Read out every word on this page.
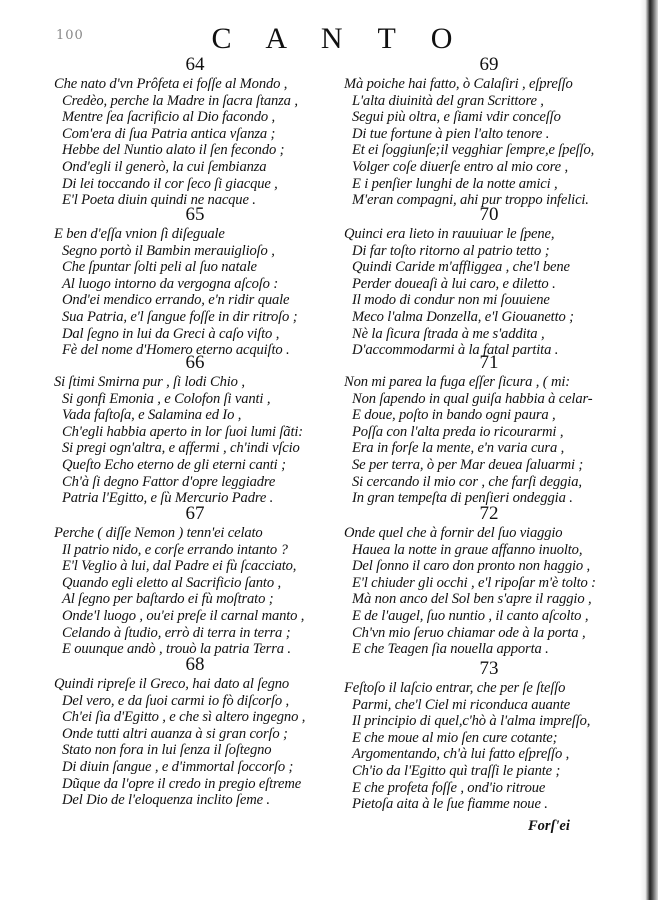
100	C A N T O
64
Che nato d'vn Prôfeta ei foſſe al Mondo ,
Credèo, perche la Madre in ſacra ſtanza ,
Mentre ſea ſacrificio al Dio facondo ,
Com'era di ſua Patria antica vſanza ;
Hebbe del Nuntio alato il ſen fecondo ;
Ond'egli il generò, la cui ſembianza
Di lei toccando il cor ſeco ſi giacque ,
E'l Poeta diuin quindi ne nacque .
65
E ben d'eſſa vnion ſì diſeguale
Segno portò il Bambin merauiglioſo ,
Che ſpuntar ſolti peli al ſuo natale
Al luogo intorno da vergogna aſcoſo :
Ond'ei mendico errando, e'n ridir quale
Sua Patria, e'l ſangue foſſe in dir ritroſo ;
Dal ſegno in lui da Greci à caſo viſto ,
Fè del nome d'Homero eterno acquiſto .
66
Si ſtimi Smirna pur , ſi lodi Chio ,
Si gonfi Emonia , e Colofon ſi vanti ,
Vada faſtoſa, e Salamina ed Io ,
Ch'egli habbia aperto in lor ſuoi lumi ſãti:
Si pregi ogn'altra, e affermi , ch'indi vſcio
Queſto Echo eterno de gli eterni canti ;
Ch'à ſi degno Fattor d'opre leggiadre
Patria l'Egitto, e ſù Mercurio Padre .
67
Perche ( diſſe Nemon ) tenn'ei celato
Il patrio nido, e corſe errando intanto ?
E'l Veglio à lui, dal Padre ei fù ſcacciato,
Quando egli eletto al Sacrificio ſanto ,
Al ſegno per baſtardo ei fù moſtrato ;
Onde'l luogo , ou'ei preſe il carnal manto ,
Celando à ſtudio, errò di terra in terra ;
E ouunque andò , trouò la patria Terra .
68
Quindi ripreſe il Greco, hai dato al ſegno
Del vero, e da ſuoi carmi io fò diſcorſo ,
Ch'ei ſia d'Egitto , e che sì altero ingegno ,
Onde tutti altri auanza à si gran corſo ;
Stato non fora in lui ſenza il ſoſtegno
Di diuin ſangue , e d'immortal ſoccorſo ;
Dũque da l'opre il credo in pregio eſtreme
Del Dio de l'eloquenza inclito ſeme .
69
Mà poiche hai fatto, ò Calaſiri , eſpreſſo
L'alta diuinità del gran Scrittore ,
Segui più oltra, e ſiami vdir conceſſo
Di tue fortune à pien l'alto tenore .
Et ei ſoggiunſe;il vegghiar ſempre,e ſpeſſo,
Volger coſe diuerſe entro al mio core ,
E i penſier lunghi de la notte amici ,
M'eran compagni, ahi pur troppo infelici.
70
Quinci era lieto in rauuiuar le ſpene,
Di far toſto ritorno al patrio tetto ;
Quindi Caride m'affliggea , che'l bene
Perder doueaſi à lui caro, e diletto .
Il modo di condur non mi ſouuiene
Meco l'alma Donzella, e'l Giouanetto ;
Nè la ſicura ſtrada à me s'addita ,
D'accommodarmi à la fatal partita .
71
Non mi parea la fuga eſſer ſicura , ( mi:
Non ſapendo in qual guiſa habbia à celar-
E doue, poſto in bando ogni paura ,
Poſſa con l'alta preda io ricourarmi ,
Era in forſe la mente, e'n varia cura ,
Se per terra, ò per Mar deuea ſaluarmi ;
Si cercando il mio cor , che farſi deggia,
In gran tempeſta di penſieri ondeggia .
72
Onde quel che à fornir del ſuo viaggio
Hauea la notte in graue affanno inuolto,
Del ſonno il caro don pronto non haggio ,
E'l chiuder gli occhi , e'l ripoſar m'è tolto :
Mà non anco del Sol ben s'apre il raggio ,
E de l'augel, ſuo nuntio , il canto aſcolto ,
Ch'vn mio ſeruo chiamar ode à la porta ,
E che Teagen ſia nouella apporta .
73
Feſtoſo il laſcio entrar, che per ſe ſteſſo
Parmi, che'l Ciel mi riconduca auante
Il principio di quel,c'hò à l'alma impreſſo,
E che moue al mio ſen cure cotante;
Argomentando, ch'à lui fatto eſpreſſo ,
Ch'io da l'Egitto quì traſſi le piante ;
E che profeta foſſe , ond'io ritroue
Pietoſa aita à le ſue fiamme noue .
Forſ'ei
